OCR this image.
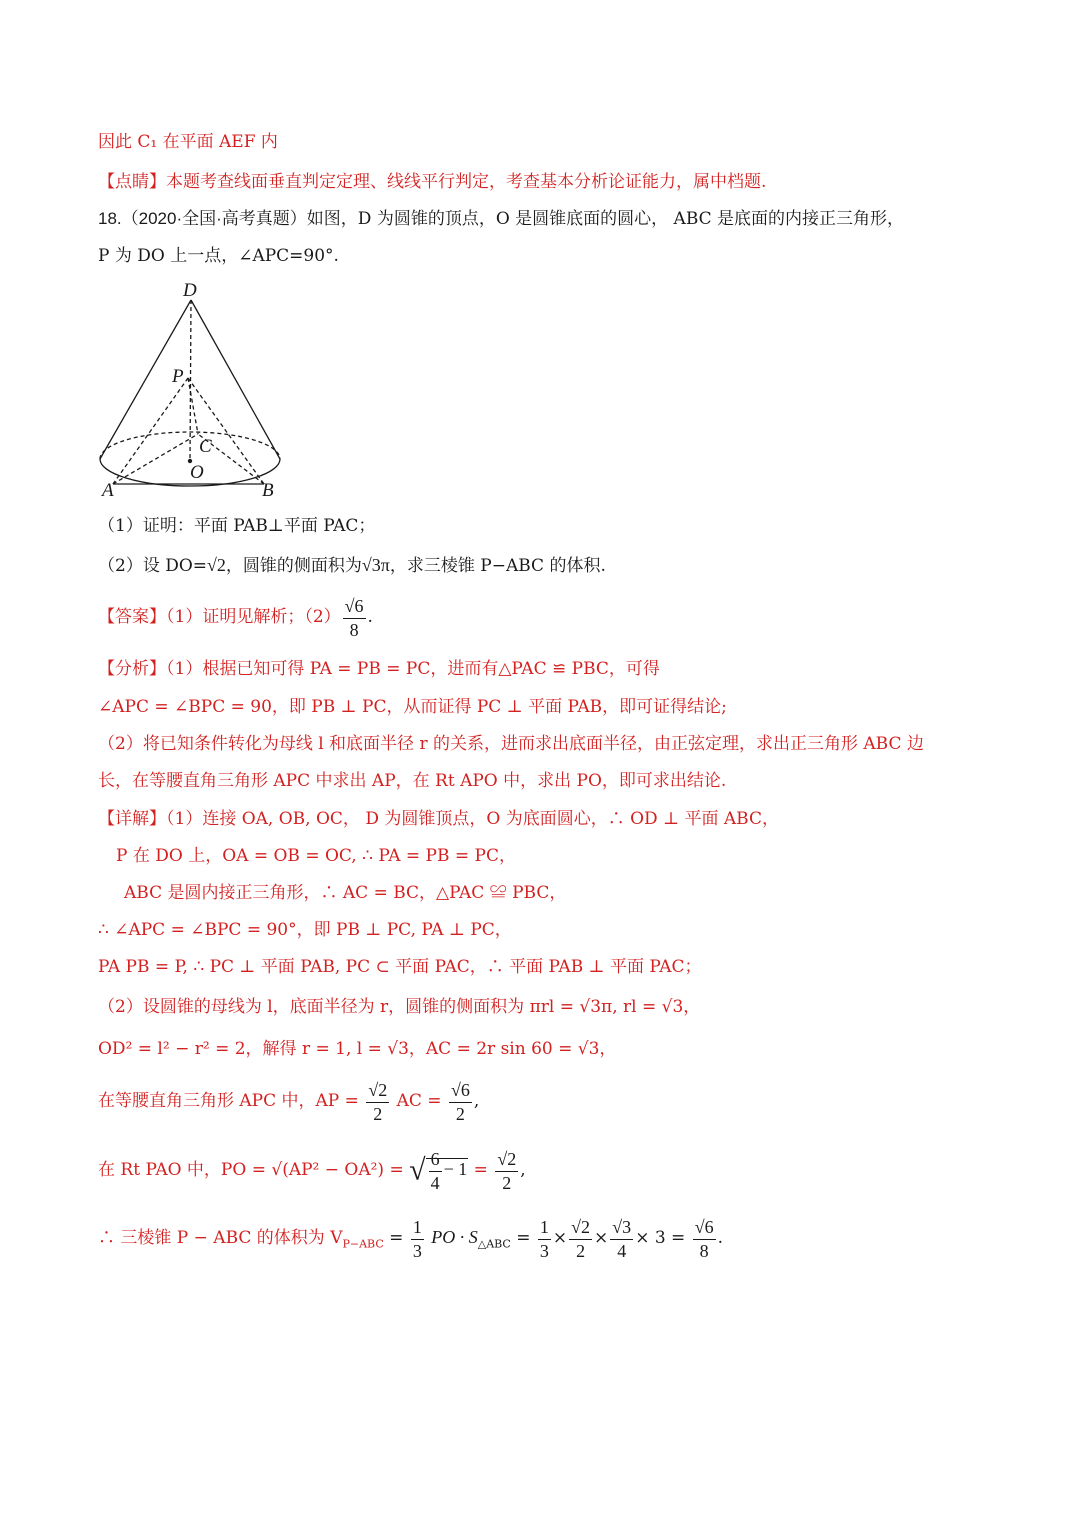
因此 C₁ 在平面 AEF 内
【点睛】本题考查线面垂直判定定理、线线平行判定，考查基本分析论证能力，属中档题.
18.（2020·全国·高考真题）如图，D 为圆锥的顶点，O 是圆锥底面的圆心， ABC 是底面的内接正三角形，
P 为 DO 上一点，∠APC=90°.
D
P
C
O
A	B
（1）证明：平面 PAB⊥平面 PAC；
（2）设 DO=√2，圆锥的侧面积为√3π，求三棱锥 P−ABC 的体积.
【答案】（1）证明见解析；$(2) \frac{√6}{8}$ .
【分析】（1）根据已知可得 PA = PB = PC，进而有△PAC ≌ PBC，可得
∠APC = ∠BPC = 90，即 PB ⊥ PC，从而证得 PC ⊥ 平面 PAB，即可证得结论;
（2）将已知条件转化为母线 l 和底面半径 r 的关系，进而求出底面半径，由正弦定理，求出正三角形 ABC 边
长，在等腰直角三角形 APC 中求出 AP，在 Rt APO 中，求出 PO，即可求出结论.
【详解】（1）连接 OA, OB, OC， D 为圆锥顶点，O 为底面圆心，∴ OD ⊥ 平面 ABC，
P 在 DO 上，OA = OB = OC, ∴ PA = PB = PC，
ABC 是圆内接正三角形，∴ AC = BC，△PAC ≌ PBC，
∴ ∠APC = ∠BPC = 90°，即 PB ⊥ PC, PA ⊥ PC，
PA PB = P, ∴ PC ⊥ 平面 PAB, PC ⊂ 平面 PAC，∴ 平面 PAB ⊥ 平面 PAC；
（2）设圆锥的母线为 l，底面半径为 r，圆锥的侧面积为 πrl = √3π, rl = √3，
OD² = l² − r² = 2，解得 r = 1, l = √3，AC = 2r sin 60 = √3，
在等腰直角三角形 APC 中，AP = $\frac{√2}{2}$ AC = $\frac{√6}{2}$ ,
在 Rt PAO 中，PO = √(AP² − OA²) = √ $\frac{6}{4} - 1 = \frac{√2}{2}$ ,
∴ 三棱锥 P − ABC 的体积为 $V_{P-ABC} = \frac{1}{3}$ PO · $S_{\triangle ABC} = \frac{1}{3} \times \frac{√2}{2} \times \frac{√3}{4} \times 3 = \frac{√6}{8}$ .
